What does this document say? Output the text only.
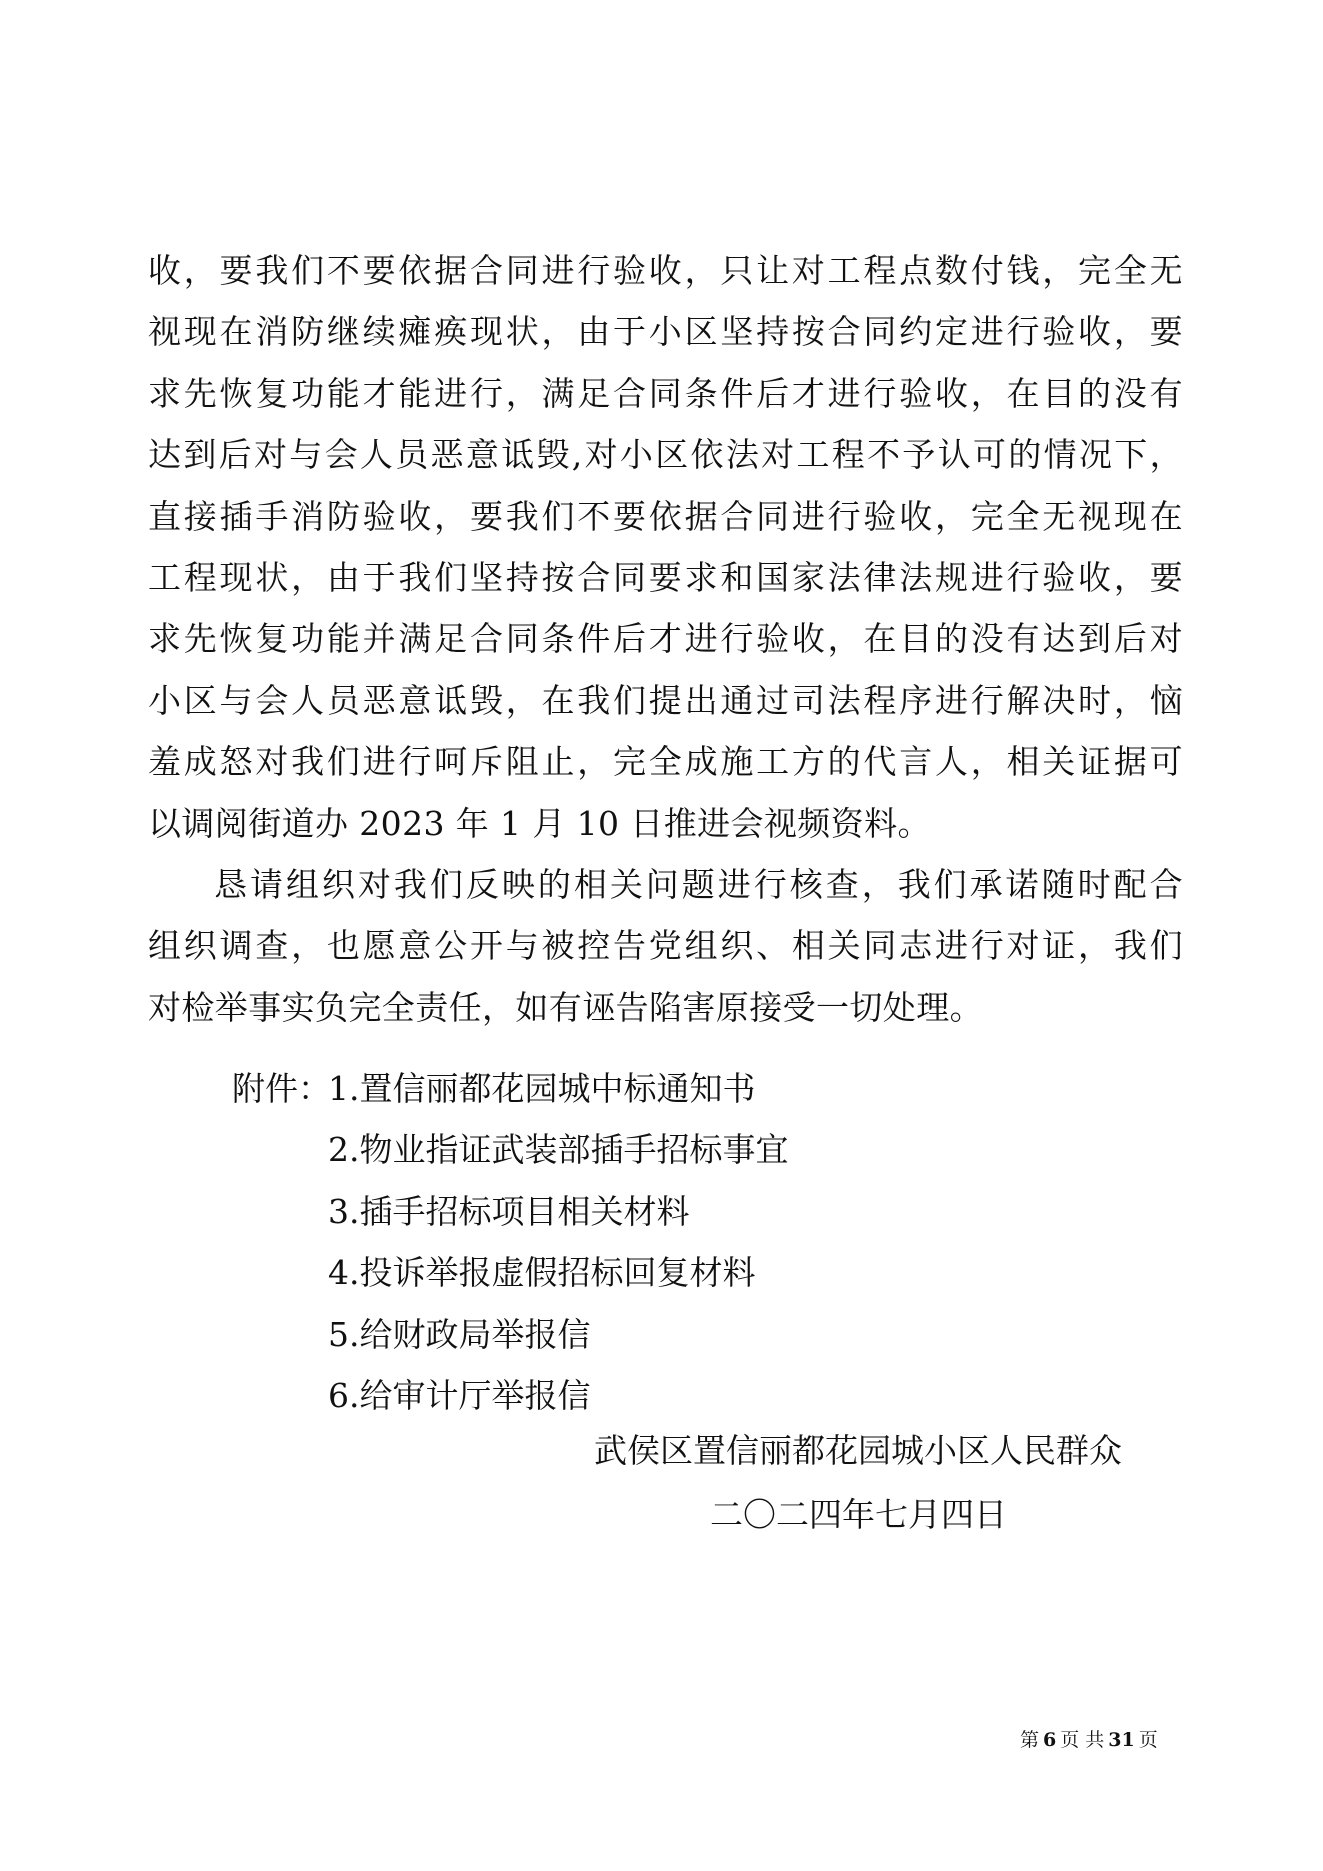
收，要我们不要依据合同进行验收，只让对工程点数付钱，完全无
视现在消防继续瘫痪现状，由于小区坚持按合同约定进行验收，要
求先恢复功能才能进行，满足合同条件后才进行验收，在目的没有
达到后对与会人员恶意诋毁,对小区依法对工程不予认可的情况下，
直接插手消防验收，要我们不要依据合同进行验收，完全无视现在
工程现状，由于我们坚持按合同要求和国家法律法规进行验收，要
求先恢复功能并满足合同条件后才进行验收，在目的没有达到后对
小区与会人员恶意诋毁，在我们提出通过司法程序进行解决时，恼
羞成怒对我们进行呵斥阻止，完全成施工方的代言人，相关证据可
以调阅街道办 2023 年 1 月 10 日推进会视频资料。
恳请组织对我们反映的相关问题进行核查，我们承诺随时配合
组织调查，也愿意公开与被控告党组织、相关同志进行对证，我们
对检举事实负完全责任，如有诬告陷害原接受一切处理。
附件：1.置信丽都花园城中标通知书
2.物业指证武装部插手招标事宜
3.插手招标项目相关材料
4.投诉举报虚假招标回复材料
5.给财政局举报信
6.给审计厅举报信
武侯区置信丽都花园城小区人民群众
二〇二四年七月四日
第 6 页 共 31 页
